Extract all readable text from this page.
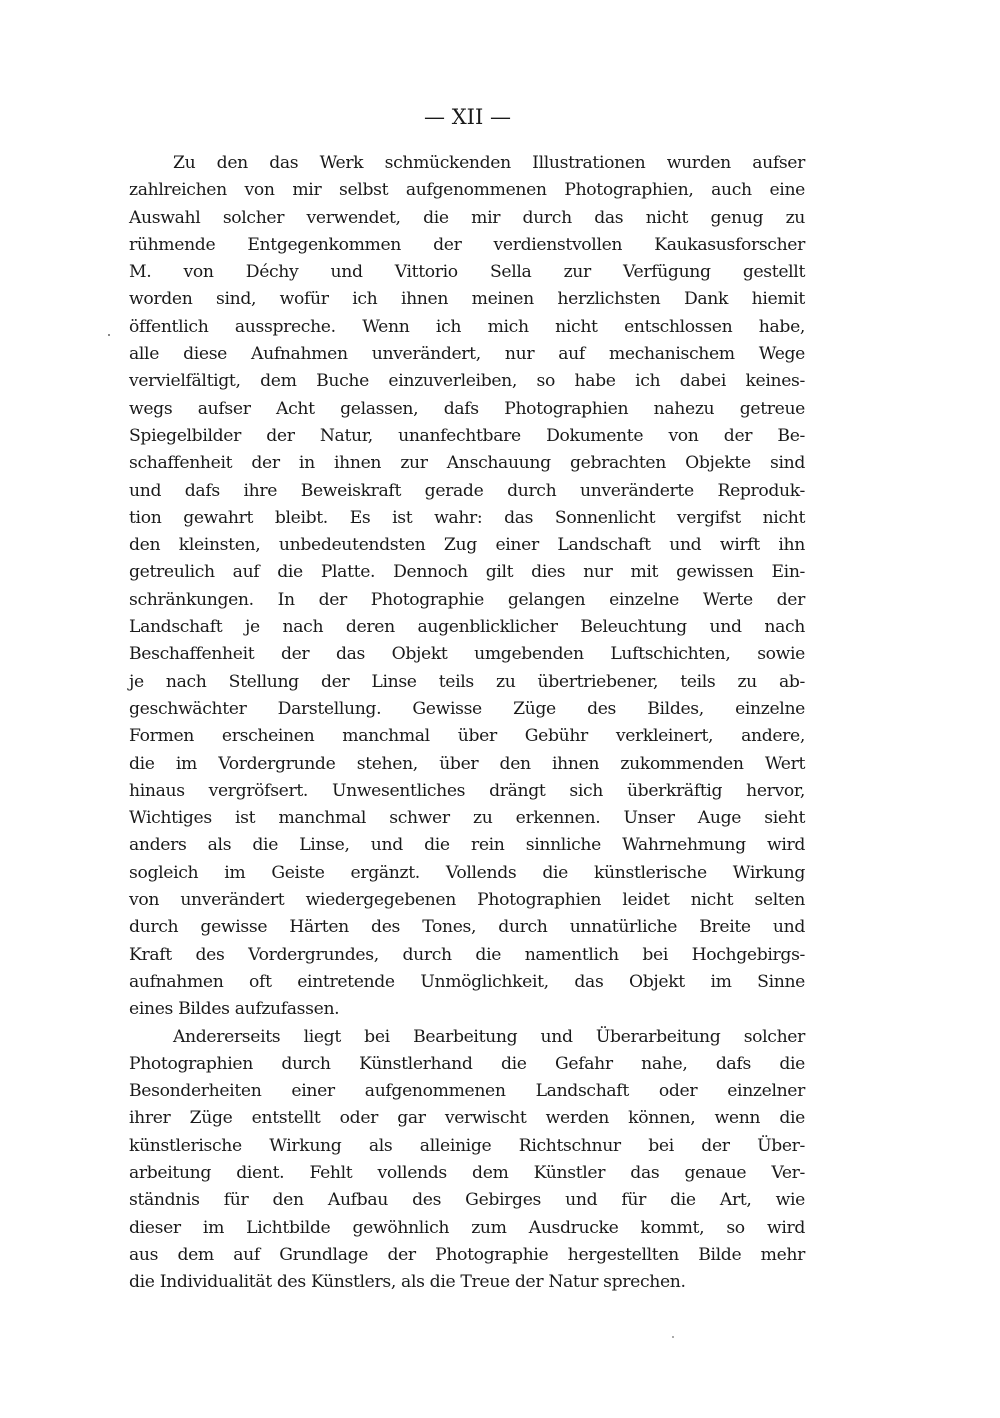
— XII —
Zu den das Werk schmückenden Illustrationen wurden aufser
zahlreichen von mir selbst aufgenommenen Photographien, auch eine
Auswahl solcher verwendet, die mir durch das nicht genug zu
rühmende Entgegenkommen der verdienstvollen Kaukasusforscher
M. von Déchy und Vittorio Sella zur Verfügung gestellt
worden sind, wofür ich ihnen meinen herzlichsten Dank hiemit
öffentlich ausspreche. Wenn ich mich nicht entschlossen habe,
alle diese Aufnahmen unverändert, nur auf mechanischem Wege
vervielfältigt, dem Buche einzuverleiben, so habe ich dabei keines-
wegs aufser Acht gelassen, dafs Photographien nahezu getreue
Spiegelbilder der Natur, unanfechtbare Dokumente von der Be-
schaffenheit der in ihnen zur Anschauung gebrachten Objekte sind
und dafs ihre Beweiskraft gerade durch unveränderte Reproduk-
tion gewahrt bleibt. Es ist wahr: das Sonnenlicht vergifst nicht
den kleinsten, unbedeutendsten Zug einer Landschaft und wirft ihn
getreulich auf die Platte. Dennoch gilt dies nur mit gewissen Ein-
schränkungen. In der Photographie gelangen einzelne Werte der
Landschaft je nach deren augenblicklicher Beleuchtung und nach
Beschaffenheit der das Objekt umgebenden Luftschichten, sowie
je nach Stellung der Linse teils zu übertriebener, teils zu ab-
geschwächter Darstellung. Gewisse Züge des Bildes, einzelne
Formen erscheinen manchmal über Gebühr verkleinert, andere,
die im Vordergrunde stehen, über den ihnen zukommenden Wert
hinaus vergröfsert. Unwesentliches drängt sich überkräftig hervor,
Wichtiges ist manchmal schwer zu erkennen. Unser Auge sieht
anders als die Linse, und die rein sinnliche Wahrnehmung wird
sogleich im Geiste ergänzt. Vollends die künstlerische Wirkung
von unverändert wiedergegebenen Photographien leidet nicht selten
durch gewisse Härten des Tones, durch unnatürliche Breite und
Kraft des Vordergrundes, durch die namentlich bei Hochgebirgs-
aufnahmen oft eintretende Unmöglichkeit, das Objekt im Sinne
eines Bildes aufzufassen.
Andererseits liegt bei Bearbeitung und Überarbeitung solcher
Photographien durch Künstlerhand die Gefahr nahe, dafs die
Besonderheiten einer aufgenommenen Landschaft oder einzelner
ihrer Züge entstellt oder gar verwischt werden können, wenn die
künstlerische Wirkung als alleinige Richtschnur bei der Über-
arbeitung dient. Fehlt vollends dem Künstler das genaue Ver-
ständnis für den Aufbau des Gebirges und für die Art, wie
dieser im Lichtbilde gewöhnlich zum Ausdrucke kommt, so wird
aus dem auf Grundlage der Photographie hergestellten Bilde mehr
die Individualität des Künstlers, als die Treue der Natur sprechen.
